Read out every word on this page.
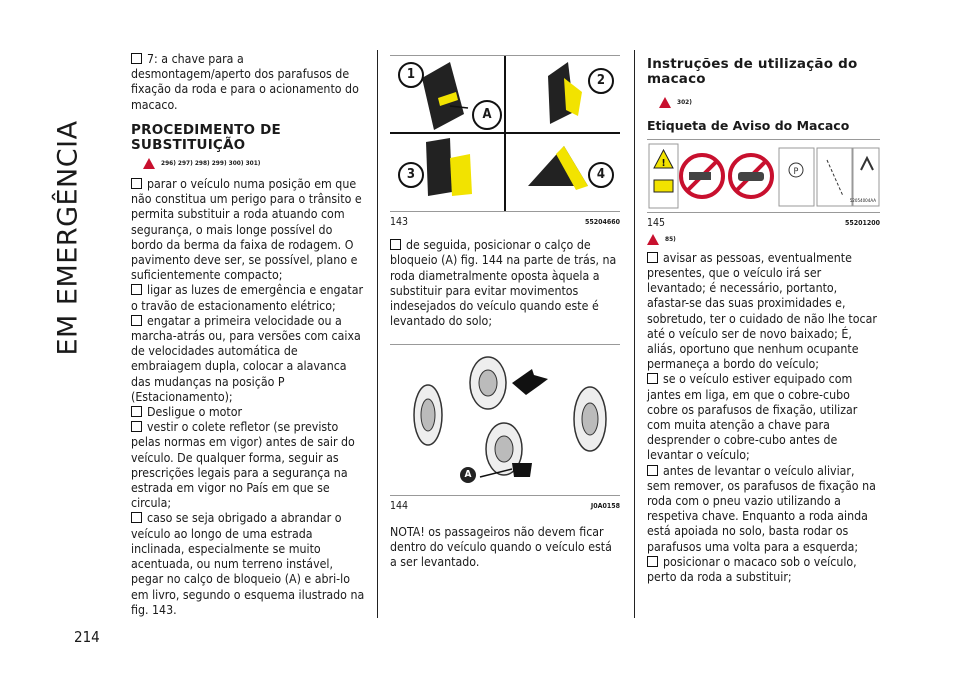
EM EMERGÊNCIA
214

7: a chave para a desmontagem/aperto dos parafusos de fixação da roda e para o acionamento do macaco.

PROCEDIMENTO DE SUBSTITUIÇÃO
296) 297) 298) 299) 300) 301)

parar o veículo numa posição em que não constitua um perigo para o trânsito e permita substituir a roda atuando com segurança, o mais longe possível do bordo da berma da faixa de rodagem. O pavimento deve ser, se possível, plano e suficientemente compacto;

ligar as luzes de emergência e engatar o travão de estacionamento elétrico;

engatar a primeira velocidade ou a marcha-atrás ou, para versões com caixa de velocidades automática de embraiagem dupla, colocar a alavanca das mudanças na posição P (Estacionamento);

Desligue o motor

vestir o colete refletor (se previsto pelas normas em vigor) antes de sair do veículo. De qualquer forma, seguir as prescrições legais para a segurança na estrada em vigor no País em que se circula;

caso se seja obrigado a abrandar o veículo ao longo de uma estrada inclinada, especialmente se muito acentuada, ou num terreno instável, pegar no calço de bloqueio (A) e abri-lo em livro, segundo o esquema ilustrado na fig. 143.

1
A
2
3	4
143	55204660

de seguida, posicionar o calço de bloqueio (A) fig. 144 na parte de trás, na roda diametralmente oposta àquela a substituir para evitar movimentos indesejados do veículo quando este é levantado do solo;

A
144	J0A0158

NOTA! os passageiros não devem ficar dentro do veículo quando o veículo está a ser levantado.

Instruções de utilização do macaco
302)
Etiqueta de Aviso do Macaco
!
P
52054004AA
145	55201200
85)

avisar as pessoas, eventualmente presentes, que o veículo irá ser levantado; é necessário, portanto, afastar-se das suas proximidades e, sobretudo, ter o cuidado de não lhe tocar até o veículo ser de novo baixado; É, aliás, oportuno que nenhum ocupante permaneça a bordo do veículo;

se o veículo estiver equipado com jantes em liga, em que o cobre-cubo cobre os parafusos de fixação, utilizar com muita atenção a chave para desprender o cobre-cubo antes de levantar o veículo;

antes de levantar o veículo aliviar, sem remover, os parafusos de fixação na roda com o pneu vazio utilizando a respetiva chave. Enquanto a roda ainda está apoiada no solo, basta rodar os parafusos uma volta para a esquerda;

posicionar o macaco sob o veículo, perto da roda a substituir;
